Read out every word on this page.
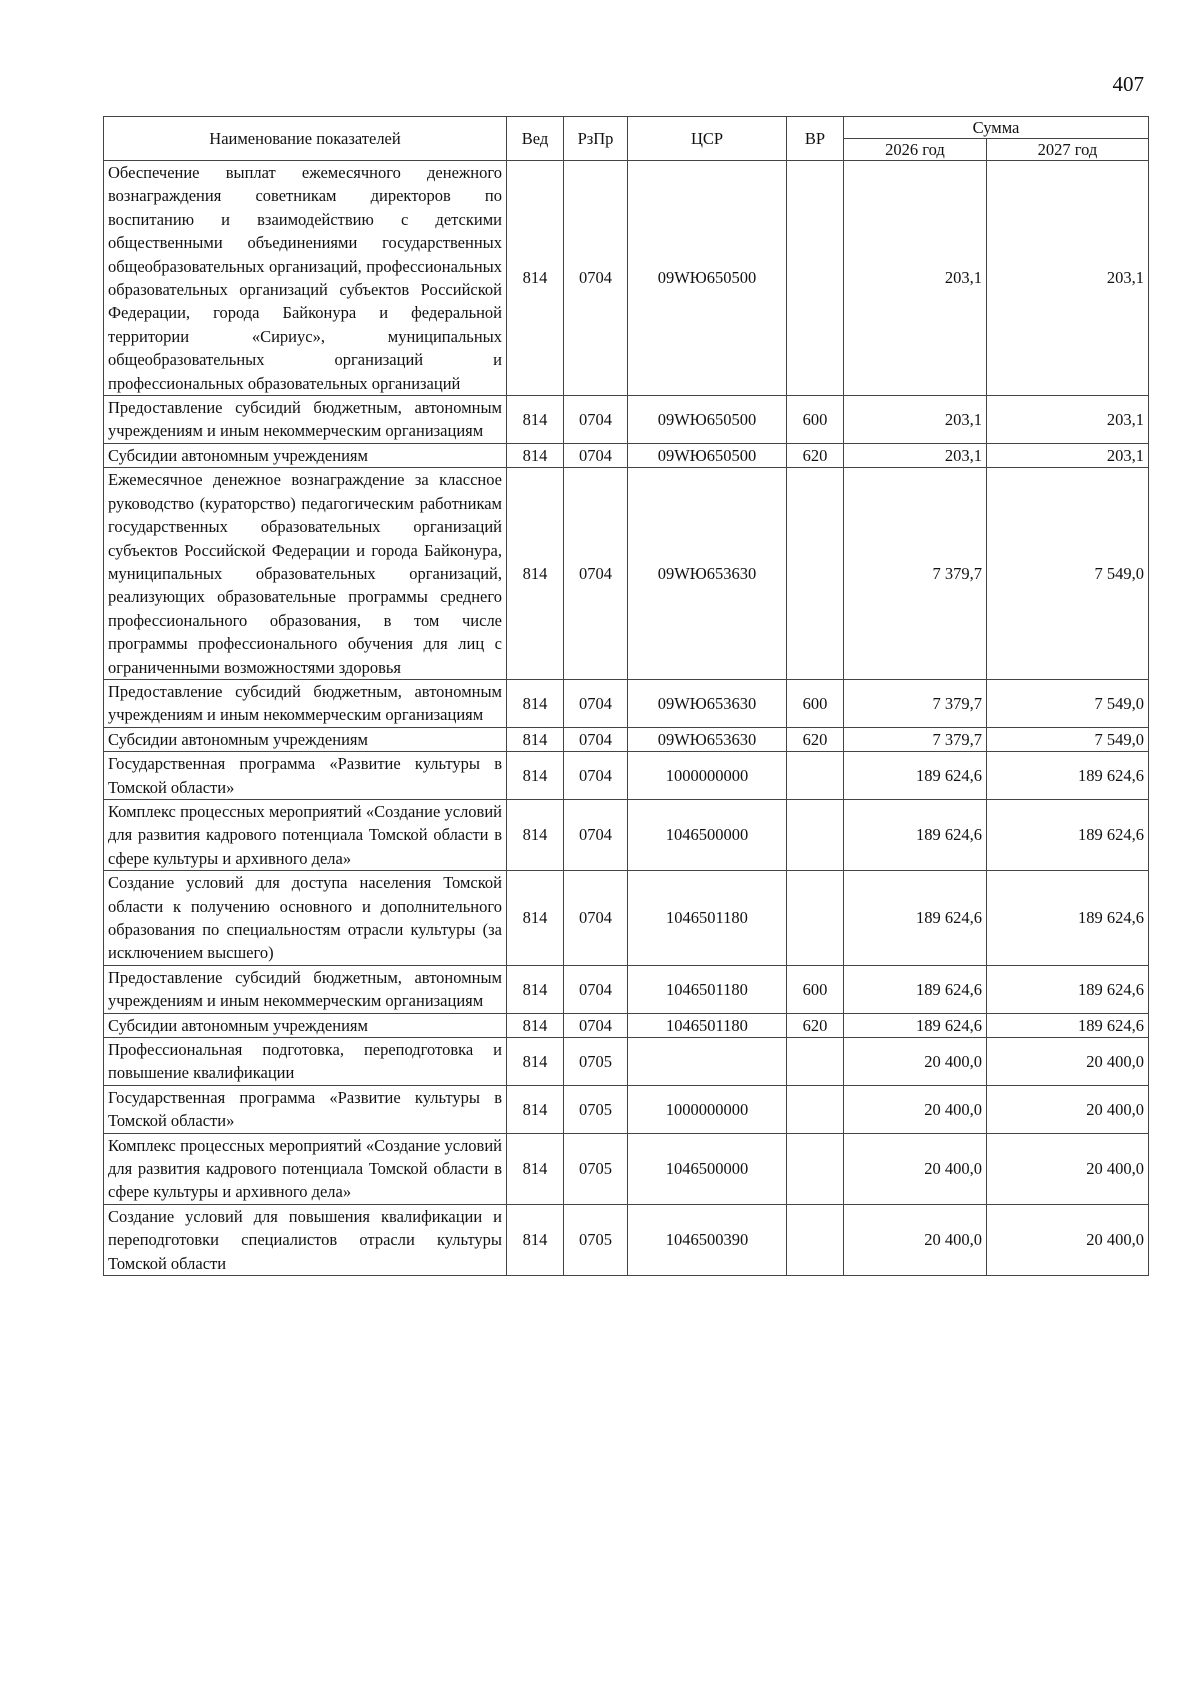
407
Наименование показателей	Вед	РзПр	ЦСР	ВР	Сумма	
					2026 год	2027 год
Обеспечение выплат ежемесячного денежного вознаграждения советникам директоров по воспитанию и взаимодействию с детскими общественными объединениями государственных общеобразовательных организаций, профессиональных образовательных организаций субъектов Российской Федерации, города Байконура и федеральной территории «Сириус», муниципальных общеобразовательных организаций и профессиональных образовательных организаций	814	0704	09WЮ650500		203,1	203,1
Предоставление субсидий бюджетным, автономным учреждениям и иным некоммерческим организациям	814	0704	09WЮ650500	600	203,1	203,1
Субсидии автономным учреждениям	814	0704	09WЮ650500	620	203,1	203,1
Ежемесячное денежное вознаграждение за классное руководство (кураторство) педагогическим работникам государственных образовательных организаций субъектов Российской Федерации и города Байконура, муниципальных образовательных организаций, реализующих образовательные программы среднего профессионального образования, в том числе программы профессионального обучения для лиц с ограниченными возможностями здоровья	814	0704	09WЮ653630		7 379,7	7 549,0
Предоставление субсидий бюджетным, автономным учреждениям и иным некоммерческим организациям	814	0704	09WЮ653630	600	7 379,7	7 549,0
Субсидии автономным учреждениям	814	0704	09WЮ653630	620	7 379,7	7 549,0
Государственная программа «Развитие культуры в Томской области»	814	0704	1000000000		189 624,6	189 624,6
Комплекс процессных мероприятий «Создание условий для развития кадрового потенциала Томской области в сфере культуры и архивного дела»	814	0704	1046500000		189 624,6	189 624,6
Создание условий для доступа населения Томской области к получению основного и дополнительного образования по специальностям отрасли культуры (за исключением высшего)	814	0704	1046501180		189 624,6	189 624,6
Предоставление субсидий бюджетным, автономным учреждениям и иным некоммерческим организациям	814	0704	1046501180	600	189 624,6	189 624,6
Субсидии автономным учреждениям	814	0704	1046501180	620	189 624,6	189 624,6
Профессиональная подготовка, переподготовка и повышение квалификации	814	0705			20 400,0	20 400,0
Государственная программа «Развитие культуры в Томской области»	814	0705	1000000000		20 400,0	20 400,0
Комплекс процессных мероприятий «Создание условий для развития кадрового потенциала Томской области в сфере культуры и архивного дела»	814	0705	1046500000		20 400,0	20 400,0
Создание условий для повышения квалификации и переподготовки специалистов отрасли культуры Томской области	814	0705	1046500390		20 400,0	20 400,0
